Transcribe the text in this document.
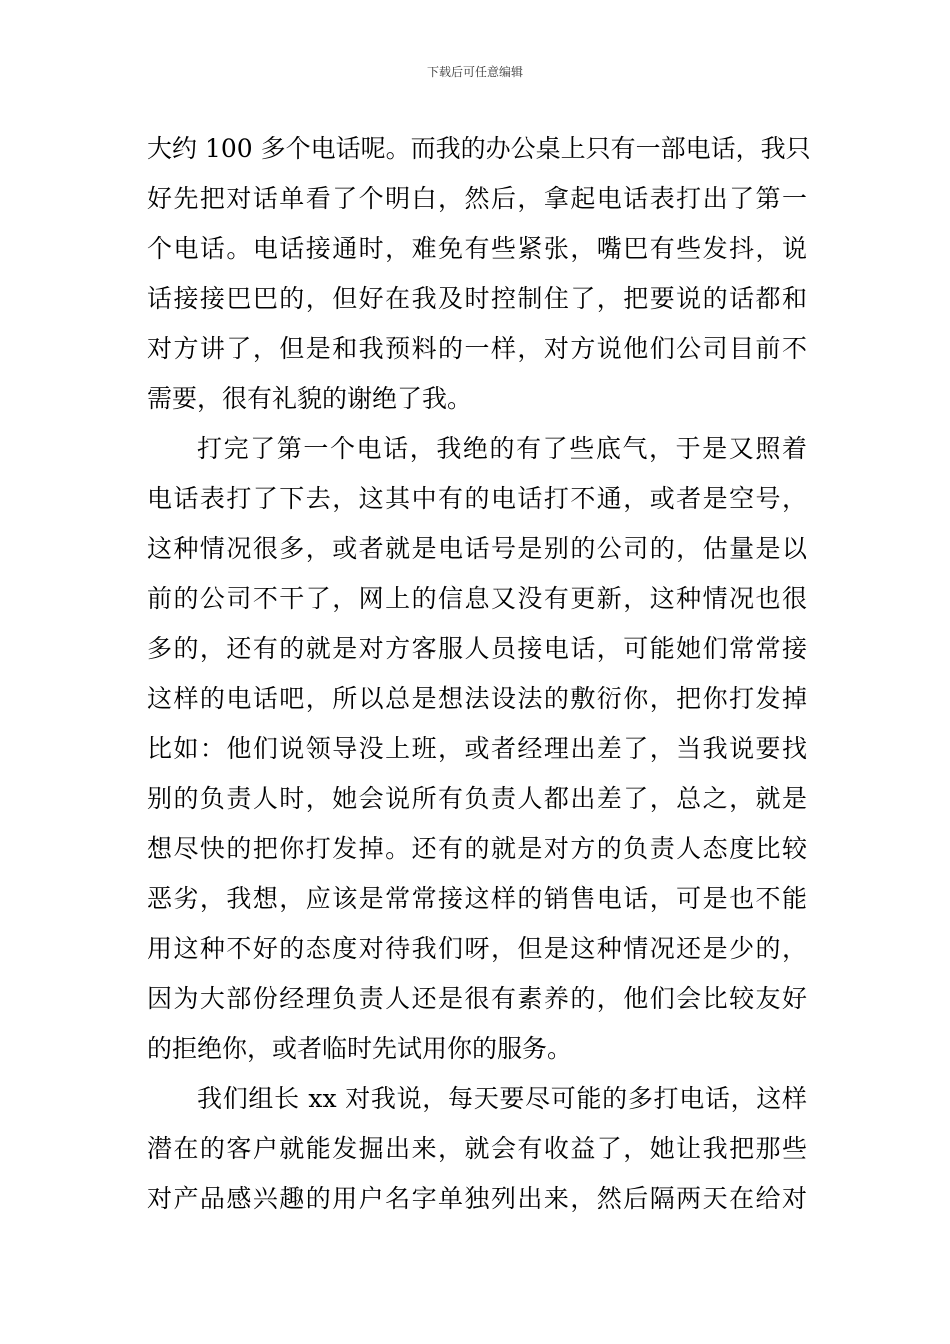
下载后可任意编辑

大约 100 多个电话呢。而我的办公桌上只有一部电话，我只
好先把对话单看了个明白，然后，拿起电话表打出了第一
个电话。电话接通时，难免有些紧张，嘴巴有些发抖，说
话接接巴巴的，但好在我及时控制住了，把要说的话都和
对方讲了，但是和我预料的一样，对方说他们公司目前不
需要，很有礼貌的谢绝了我。

打完了第一个电话，我绝的有了些底气，于是又照着
电话表打了下去，这其中有的电话打不通，或者是空号，
这种情况很多，或者就是电话号是别的公司的，估量是以
前的公司不干了，网上的信息又没有更新，这种情况也很
多的，还有的就是对方客服人员接电话，可能她们常常接
这样的电话吧，所以总是想法设法的敷衍你，把你打发掉
比如：他们说领导没上班，或者经理出差了，当我说要找
别的负责人时，她会说所有负责人都出差了，总之，就是
想尽快的把你打发掉。还有的就是对方的负责人态度比较
恶劣，我想，应该是常常接这样的销售电话，可是也不能
用这种不好的态度对待我们呀，但是这种情况还是少的，
因为大部份经理负责人还是很有素养的，他们会比较友好
的拒绝你，或者临时先试用你的服务。

我们组长 xx 对我说，每天要尽可能的多打电话，这样
潜在的客户就能发掘出来，就会有收益了，她让我把那些
对产品感兴趣的用户名字单独列出来，然后隔两天在给对
